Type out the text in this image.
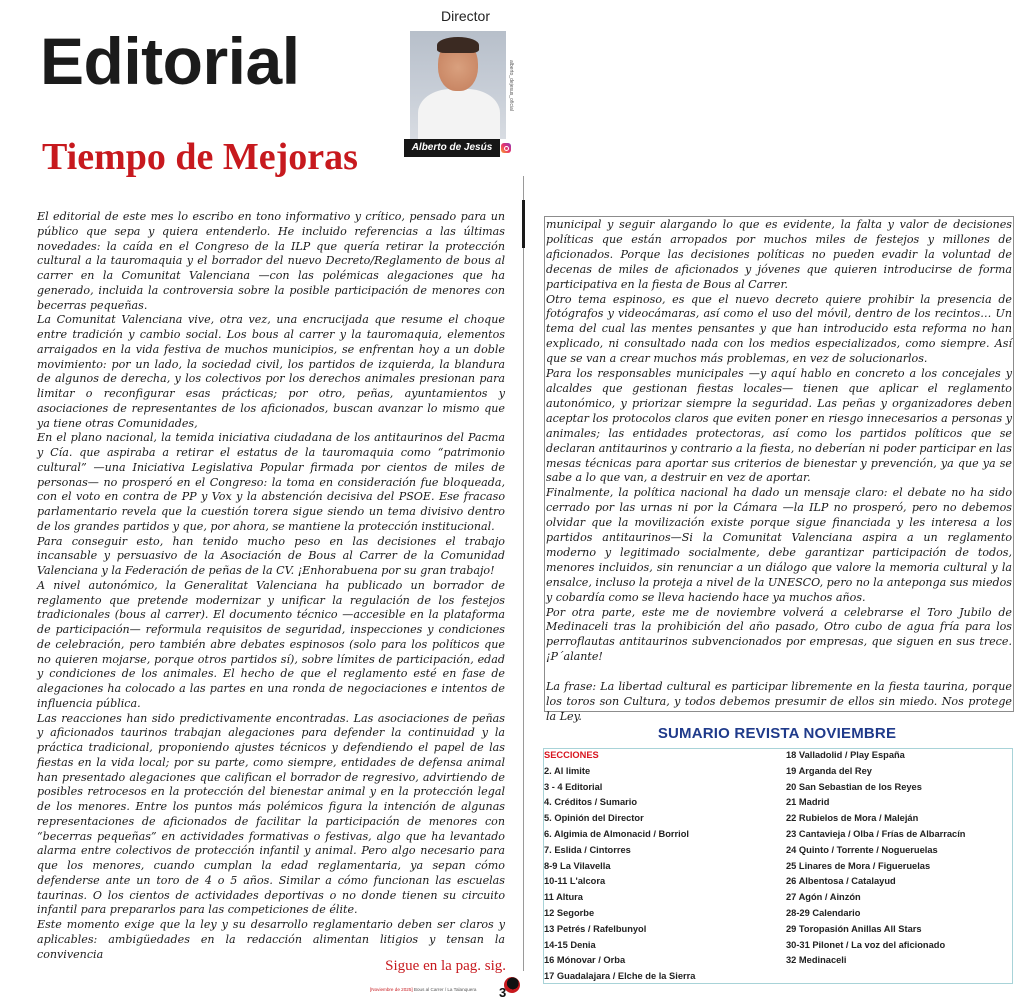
Editorial
Tiempo de Mejoras
Director
alberto_dejesus_oficial
Alberto de Jesús

El editorial de este mes lo escribo en tono informativo y crítico, pensado para un público que sepa y quiera entenderlo. He incluido referencias a las últimas novedades: la caída en el Congreso de la ILP que quería retirar la protección cultural a la tauromaquia y el borrador del nuevo Decreto/Reglamento de bous al carrer en la Comunitat Valenciana —con las polémicas alegaciones que ha generado, incluida la controversia sobre la posible participación de menores con becerras pequeñas.

La Comunitat Valenciana vive, otra vez, una encrucijada que resume el choque entre tradición y cambio social. Los bous al carrer y la tauromaquia, elementos arraigados en la vida festiva de muchos municipios, se enfrentan hoy a un doble movimiento: por un lado, la sociedad civil, los partidos de izquierda, la blandura de algunos de derecha, y los colectivos por los derechos animales presionan para limitar o reconfigurar esas prácticas; por otro, peñas, ayuntamientos y asociaciones de representantes de los aficionados, buscan avanzar lo mismo que ya tiene otras Comunidades,

En el plano nacional, la temida iniciativa ciudadana de los antitaurinos del Pacma y Cía. que aspiraba a retirar el estatus de la tauromaquia como “patrimonio cultural” —una Iniciativa Legislativa Popular firmada por cientos de miles de personas— no prosperó en el Congreso: la toma en consideración fue bloqueada, con el voto en contra de PP y Vox y la abstención decisiva del PSOE. Ese fracaso parlamentario revela que la cuestión torera sigue siendo un tema divisivo dentro de los grandes partidos y que, por ahora, se mantiene la protección institucional.

Para conseguir esto, han tenido mucho peso en las decisiones el trabajo incansable y persuasivo de la Asociación de Bous al Carrer de la Comunidad Valenciana y la Federación de peñas de la CV. ¡Enhorabuena por su gran trabajo!

A nivel autonómico, la Generalitat Valenciana ha publicado un borrador de reglamento que pretende modernizar y unificar la regulación de los festejos tradicionales (bous al carrer). El documento técnico —accesible en la plataforma de participación— reformula requisitos de seguridad, inspecciones y condiciones de celebración, pero también abre debates espinosos (solo para los políticos que no quieren mojarse, porque otros partidos sí), sobre límites de participación, edad y condiciones de los animales. El hecho de que el reglamento esté en fase de alegaciones ha colocado a las partes en una ronda de negociaciones e intentos de influencia pública.

Las reacciones han sido predictivamente encontradas. Las asociaciones de peñas y aficionados taurinos trabajan alegaciones para defender la continuidad y la práctica tradicional, proponiendo ajustes técnicos y defendiendo el papel de las fiestas en la vida local; por su parte, como siempre, entidades de defensa animal han presentado alegaciones que califican el borrador de regresivo, advirtiendo de posibles retrocesos en la protección del bienestar animal y en la protección legal de los menores. Entre los puntos más polémicos figura la intención de algunas representaciones de aficionados de facilitar la participación de menores con “becerras pequeñas” en actividades formativas o festivas, algo que ha levantado alarma entre colectivos de protección infantil y animal. Pero algo necesario para que los menores, cuando cumplan la edad reglamentaria, ya sepan cómo defenderse ante un toro de 4 o 5 años. Similar a cómo funcionan las escuelas taurinas. O los cientos de actividades deportivas o no donde tienen su circuito infantil para prepararlos para las competiciones de élite.

Este momento exige que la ley y su desarrollo reglamentario deben ser claros y aplicables: ambigüedades en la redacción alimentan litigios y tensan la convivencia

Sigue en la pag. sig.

municipal y seguir alargando lo que es evidente, la falta y valor de decisiones políticas que están arropados por muchos miles de festejos y millones de aficionados. Porque las decisiones políticas no pueden evadir la voluntad de decenas de miles de aficionados y jóvenes que quieren introducirse de forma participativa en la fiesta de Bous al Carrer.

Otro tema espinoso, es que el nuevo decreto quiere prohibir la presencia de fotógrafos y videocámaras, así como el uso del móvil, dentro de los recintos… Un tema del cual las mentes pensantes y que han introducido esta reforma no han explicado, ni consultado nada con los medios especializados, como siempre. Así que se van a crear muchos más problemas, en vez de solucionarlos.

Para los responsables municipales —y aquí hablo en concreto a los concejales y alcaldes que gestionan fiestas locales— tienen que aplicar el reglamento autonómico, y priorizar siempre la seguridad. Las peñas y organizadores deben aceptar los protocolos claros que eviten poner en riesgo innecesarios a personas y animales; las entidades protectoras, así como los partidos políticos que se declaran antitaurinos y contrario a la fiesta, no deberían ni poder participar en las mesas técnicas para aportar sus criterios de bienestar y prevención, ya que ya se sabe a lo que van, a destruir en vez de aportar.

Finalmente, la política nacional ha dado un mensaje claro: el debate no ha sido cerrado por las urnas ni por la Cámara —la ILP no prosperó, pero no debemos olvidar que la movilización existe porque sigue financiada y les interesa a los partidos antitaurinos—Si la Comunitat Valenciana aspira a un reglamento moderno y legitimado socialmente, debe garantizar participación de todos, menores incluidos, sin renunciar a un diálogo que valore la memoria cultural y la ensalce, incluso la proteja a nivel de la UNESCO, pero no la anteponga sus miedos y cobardía como se lleva haciendo hace ya muchos años.

Por otra parte, este me de noviembre volverá a celebrarse el Toro Jubilo de Medinaceli tras la prohibición del año pasado, Otro cubo de agua fría para los perroflautas antitaurinos subvencionados por empresas, que siguen en sus trece. ¡P´alante!

La frase: La libertad cultural es participar libremente en la fiesta taurina, porque los toros son Cultura, y todos debemos presumir de ellos sin miedo. Nos protege la Ley.

SUMARIO REVISTA NOVIEMBRE
SECCIONES
2. Al limite
3 - 4 Editorial
4. Créditos / Sumario
5. Opinión del Director
6. Algimia de Almonacid / Borriol
7. Eslida / Cintorres
8-9 La Vilavella
10-11 L'alcora
11 Altura
12 Segorbe
13 Petrés / Rafelbunyol
14-15 Denia
16 Mónovar / Orba
17 Guadalajara / Elche de la Sierra
18 Valladolid / Play España
19 Arganda del Rey
20 San Sebastian de los Reyes
21 Madrid
22 Rubielos de Mora / Maleján
23 Cantavieja / Olba / Frías de Albarracín
24 Quinto / Torrente / Nogueruelas
25 Linares de Mora / Figueruelas
26 Albentosa / Catalayud
27 Agón / Ainzón
28-29 Calendario
29 Toropasión Anillas All Stars
30-31 Pilonet / La voz del aficionado
32 Medinaceli
[Noviembre de 2025] Bous al Carrer / La Talanquera 3
